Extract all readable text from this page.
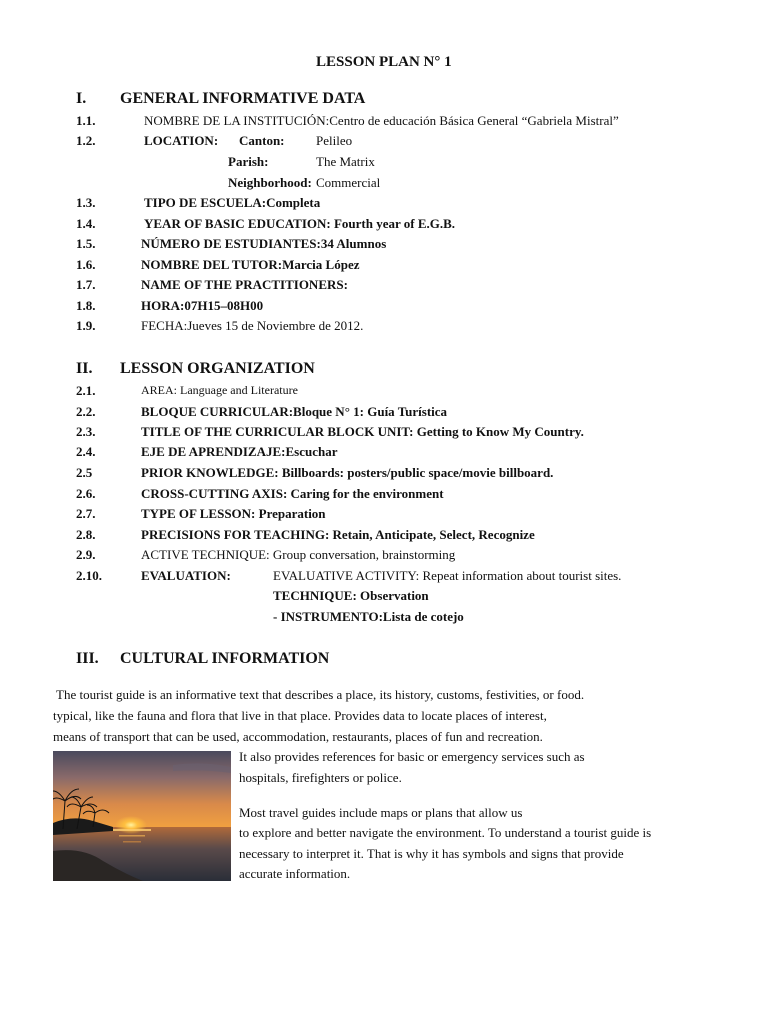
LESSON PLAN N° 1
I. GENERAL INFORMATIVE DATA
1.1.	NOMBRE DE LA INSTITUCIÓN:Centro de educación Básica General “Gabriela Mistral”
1.2.	LOCATION: Canton: Pelileo
Parish:	The Matrix
Neighborhood: Commercial
1.3.	TIPO DE ESCUELA:Completa
1.4.	YEAR OF BASIC EDUCATION: Fourth year of E.G.B.
1.5.	NÚMERO DE ESTUDIANTES:34 Alumnos
1.6.	NOMBRE DEL TUTOR:Marcia López
1.7.	NAME OF THE PRACTITIONERS:
1.8.	HORA:07H15–08H00
1.9.	FECHA:Jueves 15 de Noviembre de 2012.
II. LESSON ORGANIZATION
2.1.	AREA: Language and Literature
2.2.	BLOQUE CURRICULAR:Bloque N° 1: Guía Turística
2.3.	TITLE OF THE CURRICULAR BLOCK UNIT: Getting to Know My Country.
2.4.	EJE DE APRENDIZAJE:Escuchar
2.5	PRIOR KNOWLEDGE: Billboards: posters/public space/movie billboard.
2.6.	CROSS-CUTTING AXIS: Caring for the environment
2.7.	TYPE OF LESSON: Preparation
2.8.	PRECISIONS FOR TEACHING: Retain, Anticipate, Select, Recognize
2.9.	ACTIVE TECHNIQUE: Group conversation, brainstorming
2.10.	EVALUATION:	EVALUATIVE ACTIVITY: Repeat information about tourist sites.
TECHNIQUE: Observation
- INSTRUMENTO:Lista de cotejo
III. CULTURAL INFORMATION
The tourist guide is an informative text that describes a place, its history, customs, festivities, or food.
typical, like the fauna and flora that live in that place. Provides data to locate places of interest,
means of transport that can be used, accommodation, restaurants, places of fun and recreation.
It also provides references for basic or emergency services such as
hospitals, firefighters or police.
Most travel guides include maps or plans that allow us
to explore and better navigate the environment. To understand a tourist guide is
necessary to interpret it. That is why it has symbols and signs that provide
accurate information.
